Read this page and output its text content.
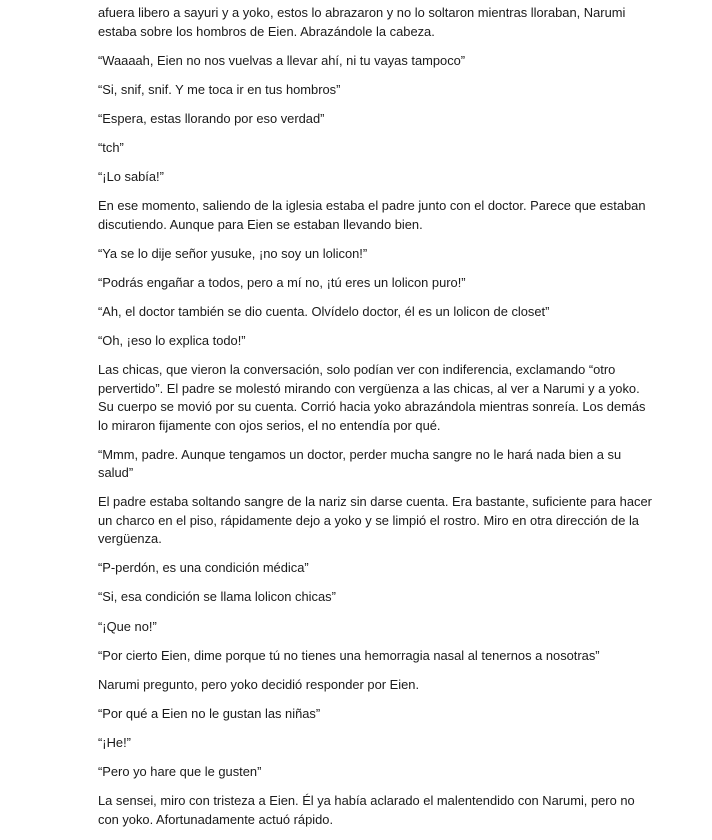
afuera libero a sayuri y a yoko, estos lo abrazaron y no lo soltaron mientras lloraban, Narumi estaba sobre los hombros de Eien. Abrazándole la cabeza.

“Waaaah, Eien no nos vuelvas a llevar ahí, ni tu vayas tampoco”

“Si, snif, snif. Y me toca ir en tus hombros”

“Espera, estas llorando por eso verdad”

“tch”

“¡Lo sabía!”

En ese momento, saliendo de la iglesia estaba el padre junto con el doctor. Parece que estaban discutiendo. Aunque para Eien se estaban llevando bien.

“Ya se lo dije señor yusuke, ¡no soy un lolicon!”

“Podrás engañar a todos, pero a mí no, ¡tú eres un lolicon puro!”

“Ah, el doctor también se dio cuenta. Olvídelo doctor, él es un lolicon de closet”

“Oh, ¡eso lo explica todo!”

Las chicas, que vieron la conversación, solo podían ver con indiferencia, exclamando “otro pervertido”. El padre se molestó mirando con vergüenza a las chicas, al ver a Narumi y a yoko. Su cuerpo se movió por su cuenta. Corrió hacia yoko abrazándola mientras sonreía. Los demás lo miraron fijamente con ojos serios, el no entendía por qué.

“Mmm, padre. Aunque tengamos un doctor, perder mucha sangre no le hará nada bien a su salud”

El padre estaba soltando sangre de la nariz sin darse cuenta. Era bastante, suficiente para hacer un charco en el piso, rápidamente dejo a yoko y se limpió el rostro. Miro en otra dirección de la vergüenza.

“P-perdón, es una condición médica”

“Si, esa condición se llama lolicon chicas”

“¡Que no!”

“Por cierto Eien, dime porque tú no tienes una hemorragia nasal al tenernos a nosotras”

Narumi pregunto, pero yoko decidió responder por Eien.

“Por qué a Eien no le gustan las niñas”

“¡He!”

“Pero yo hare que le gusten”

La sensei, miro con tristeza a Eien. Él ya había aclarado el malentendido con Narumi, pero no con yoko. Afortunadamente actuó rápido.
